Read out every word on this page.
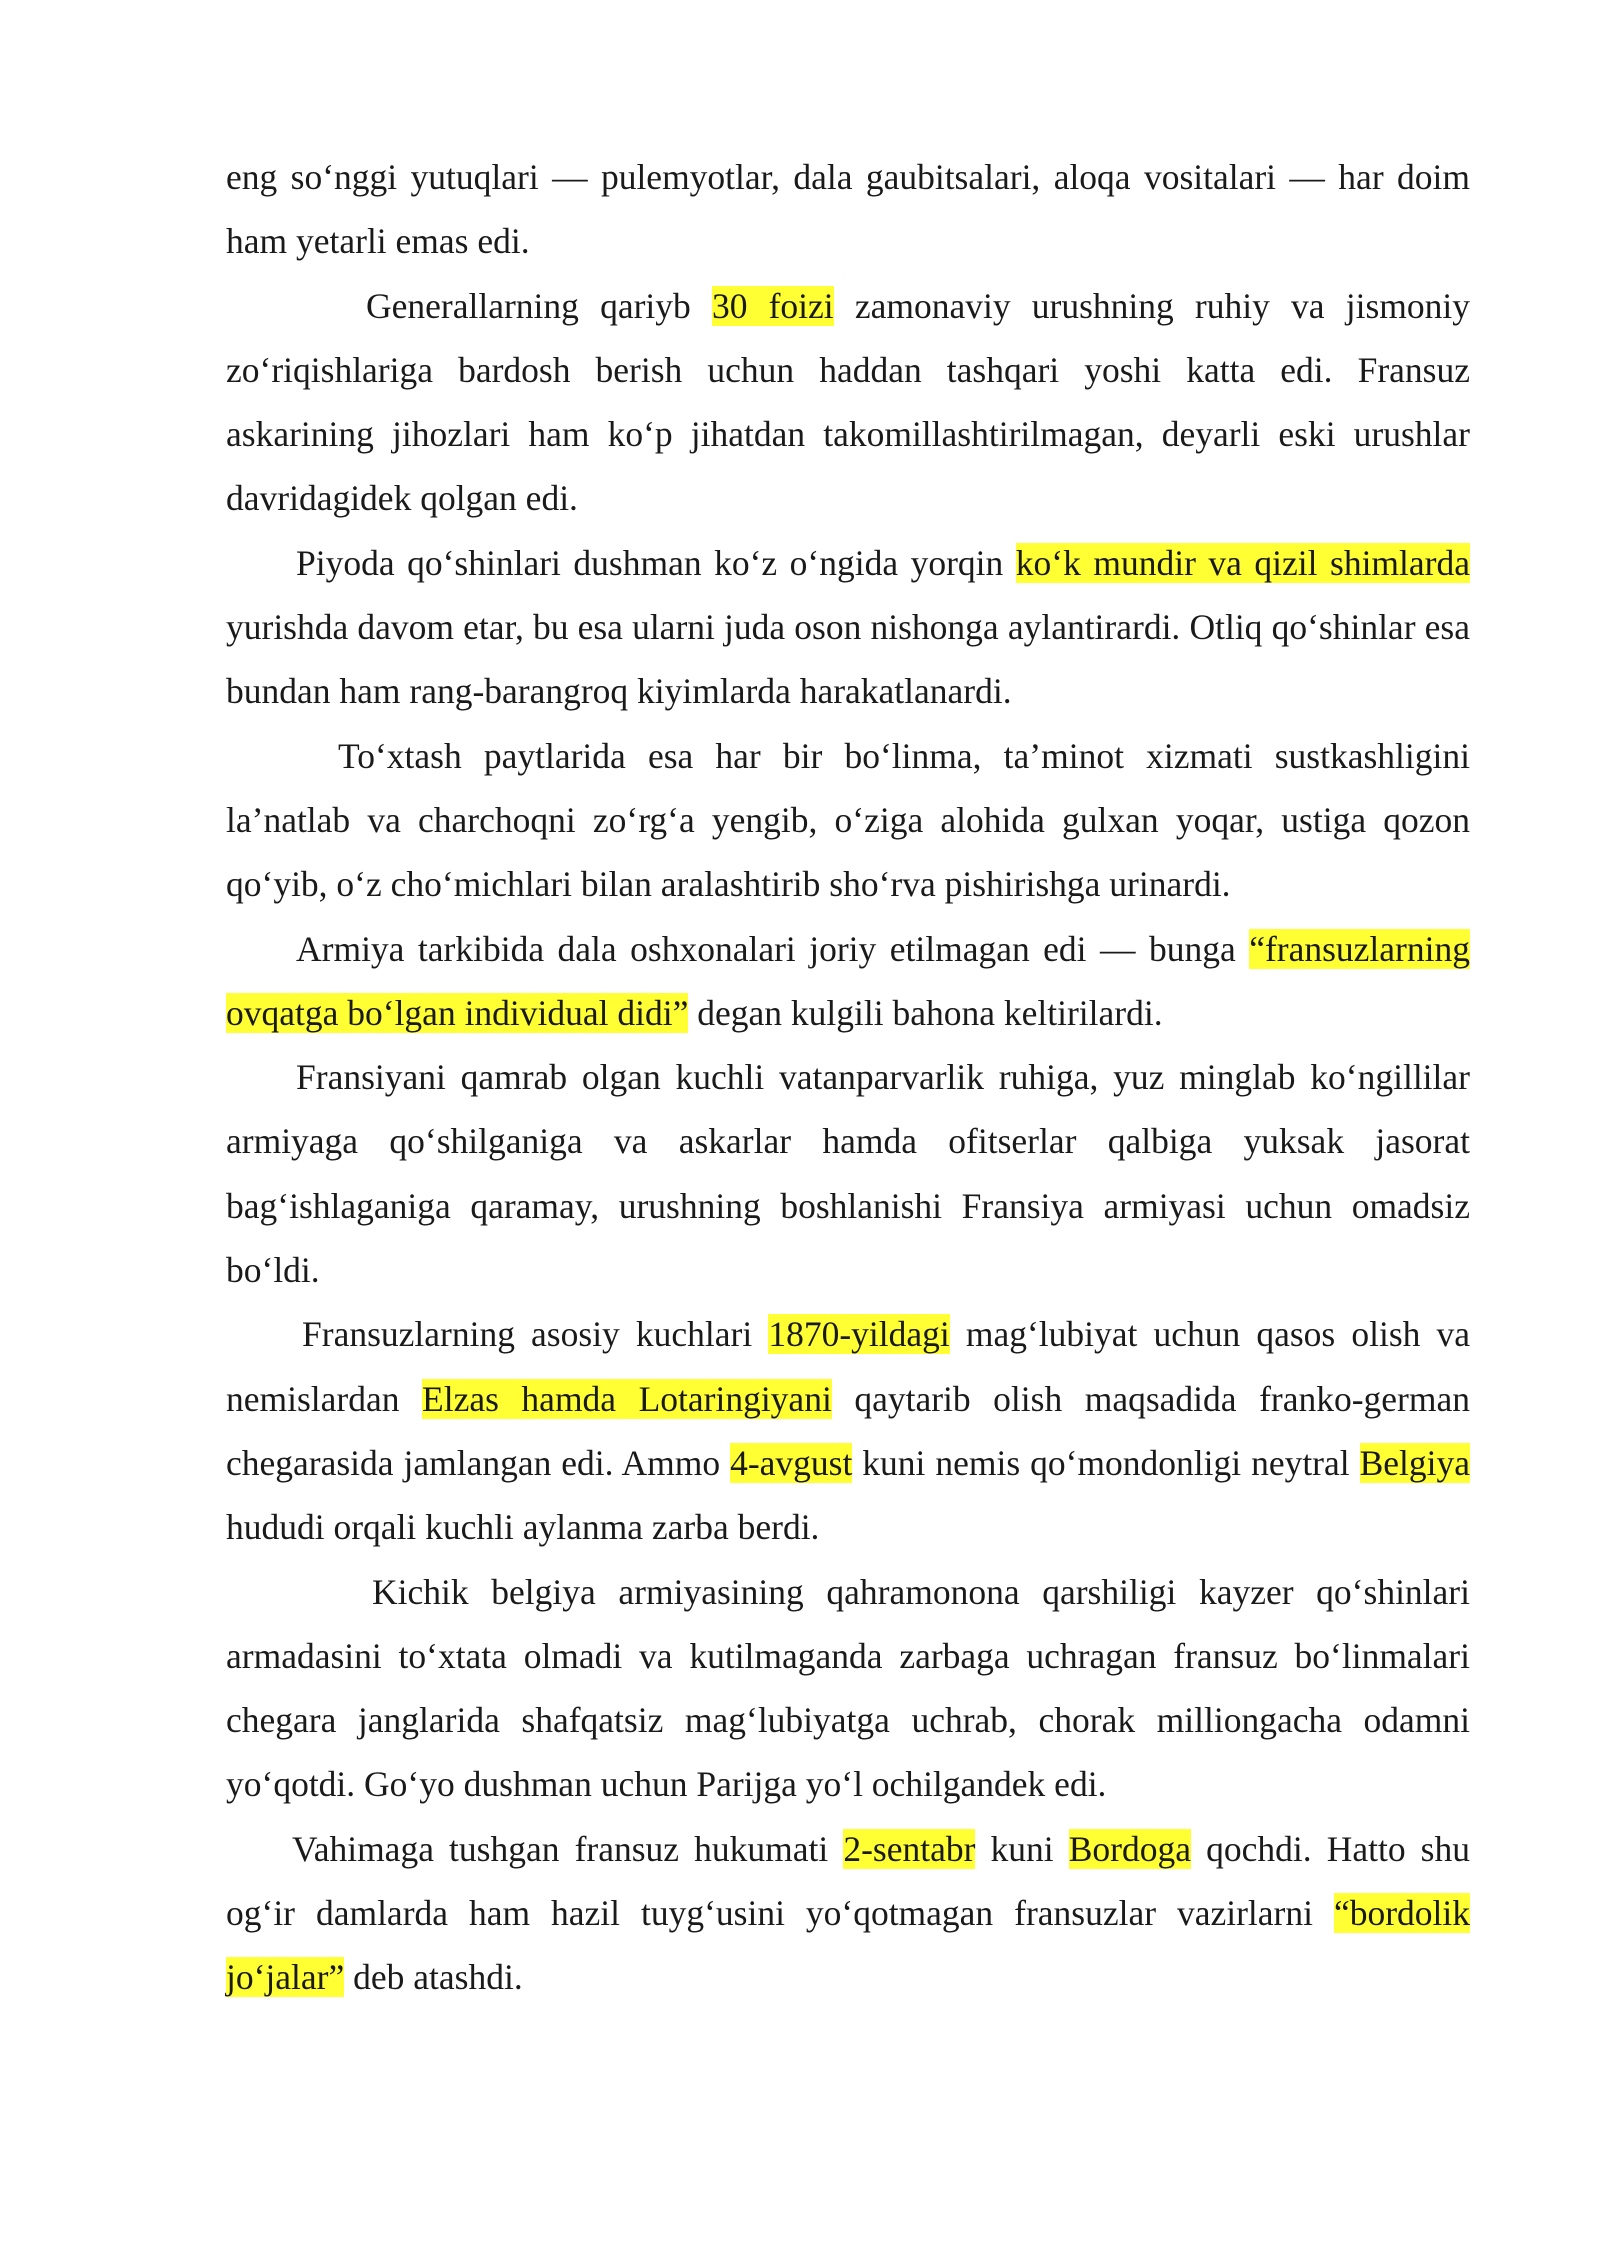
eng so‘nggi yutuqlari — pulemyotlar, dala gaubitsalari, aloqa vositalari — har doim ham yetarli emas edi.

Generallarning qariyb 30 foizi zamonaviy urushning ruhiy va jismoniy zo‘riqishlariga bardosh berish uchun haddan tashqari yoshi katta edi. Fransuz askarining jihozlari ham ko‘p jihatdan takomillashtirilmagan, deyarli eski urushlar davridagidek qolgan edi.

Piyoda qo‘shinlari dushman ko‘z o‘ngida yorqin ko‘k mundir va qizil shimlarda yurishda davom etar, bu esa ularni juda oson nishonga aylantirardi. Otliq qo‘shinlar esa bundan ham rang-barangroq kiyimlarda harakatlanardi.

To‘xtash paytlarida esa har bir bo‘linma, ta’minot xizmati sustkashligini la’natlab va charchoqni zo‘rg‘a yengib, o‘ziga alohida gulxan yoqar, ustiga qozon qo‘yib, o‘z cho‘michlari bilan aralashtirib sho‘rva pishirishga urinardi.

Armiya tarkibida dala oshxonalari joriy etilmagan edi — bunga “fransuzlarning ovqatga bo‘lgan individual didi” degan kulgili bahona keltirilardi.

Fransiyani qamrab olgan kuchli vatanparvarlik ruhiga, yuz minglab ko‘ngillilar armiyaga qo‘shilganiga va askarlar hamda ofitserlar qalbiga yuksak jasorat bag‘ishlaganiga qaramay, urushning boshlanishi Fransiya armiyasi uchun omadsiz bo‘ldi.

Fransuzlarning asosiy kuchlari 1870-yildagi mag‘lubiyat uchun qasos olish va nemislardan Elzas hamda Lotaringiyani qaytarib olish maqsadida franko-german chegarasida jamlangan edi. Ammo 4-avgust kuni nemis qo‘mondonligi neytral Belgiya hududi orqali kuchli aylanma zarba berdi.

Kichik belgiya armiyasining qahramonona qarshiligi kayzer qo‘shinlari armadasini to‘xtata olmadi va kutilmaganda zarbaga uchragan fransuz bo‘linmalari chegara janglarida shafqatsiz mag‘lubiyatga uchrab, chorak milliongacha odamni yo‘qotdi. Go‘yo dushman uchun Parijga yo‘l ochilgandek edi.

Vahimaga tushgan fransuz hukumati 2-sentabr kuni Bordoga qochdi. Hatto shu og‘ir damlarda ham hazil tuyg‘usini yo‘qotmagan fransuzlar vazirlarni “bordolik jo‘jalar” deb atashdi.
